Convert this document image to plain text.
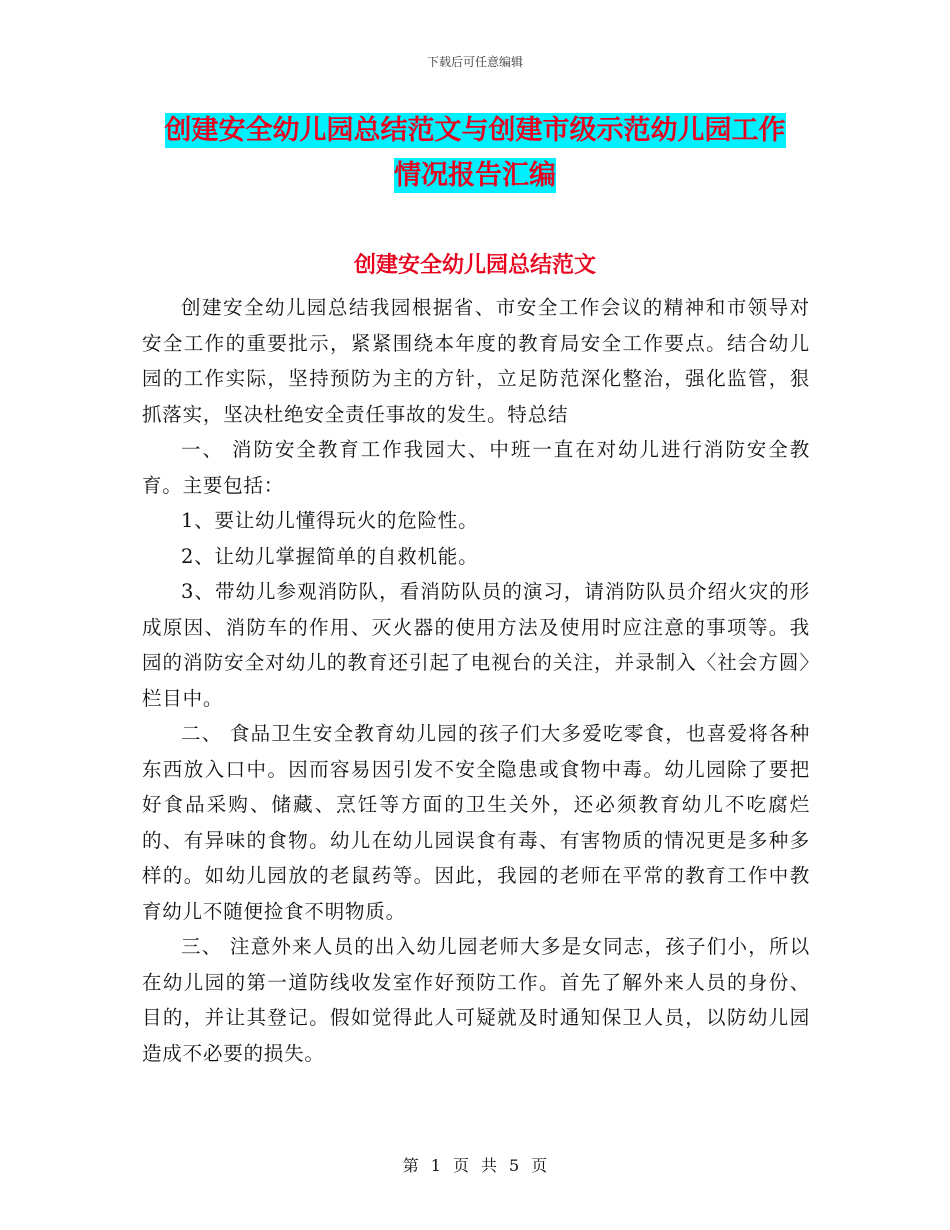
下载后可任意编辑
创建安全幼儿园总结范文与创建市级示范幼儿园工作
情况报告汇编
创建安全幼儿园总结范文

创建安全幼儿园总结我园根据省、市安全工作会议的精神和市领导对安全工作的重要批示，紧紧围绕本年度的教育局安全工作要点。结合幼儿园的工作实际，坚持预防为主的方针，立足防范深化整治，强化监管，狠抓落实，坚决杜绝安全责任事故的发生。特总结

一、 消防安全教育工作我园大、中班一直在对幼儿进行消防安全教育。主要包括：

1、要让幼儿懂得玩火的危险性。

2、让幼儿掌握简单的自救机能。

3、带幼儿参观消防队，看消防队员的演习，请消防队员介绍火灾的形成原因、消防车的作用、灭火器的使用方法及使用时应注意的事项等。我园的消防安全对幼儿的教育还引起了电视台的关注，并录制入〈社会方圆〉栏目中。

二、 食品卫生安全教育幼儿园的孩子们大多爱吃零食，也喜爱将各种东西放入口中。因而容易因引发不安全隐患或食物中毒。幼儿园除了要把好食品采购、储藏、烹饪等方面的卫生关外，还必须教育幼儿不吃腐烂的、有异味的食物。幼儿在幼儿园误食有毒、有害物质的情况更是多种多样的。如幼儿园放的老鼠药等。因此，我园的老师在平常的教育工作中教育幼儿不随便捡食不明物质。

三、 注意外来人员的出入幼儿园老师大多是女同志，孩子们小，所以在幼儿园的第一道防线收发室作好预防工作。首先了解外来人员的身份、目的，并让其登记。假如觉得此人可疑就及时通知保卫人员，以防幼儿园造成不必要的损失。

第 1 页 共 5 页
